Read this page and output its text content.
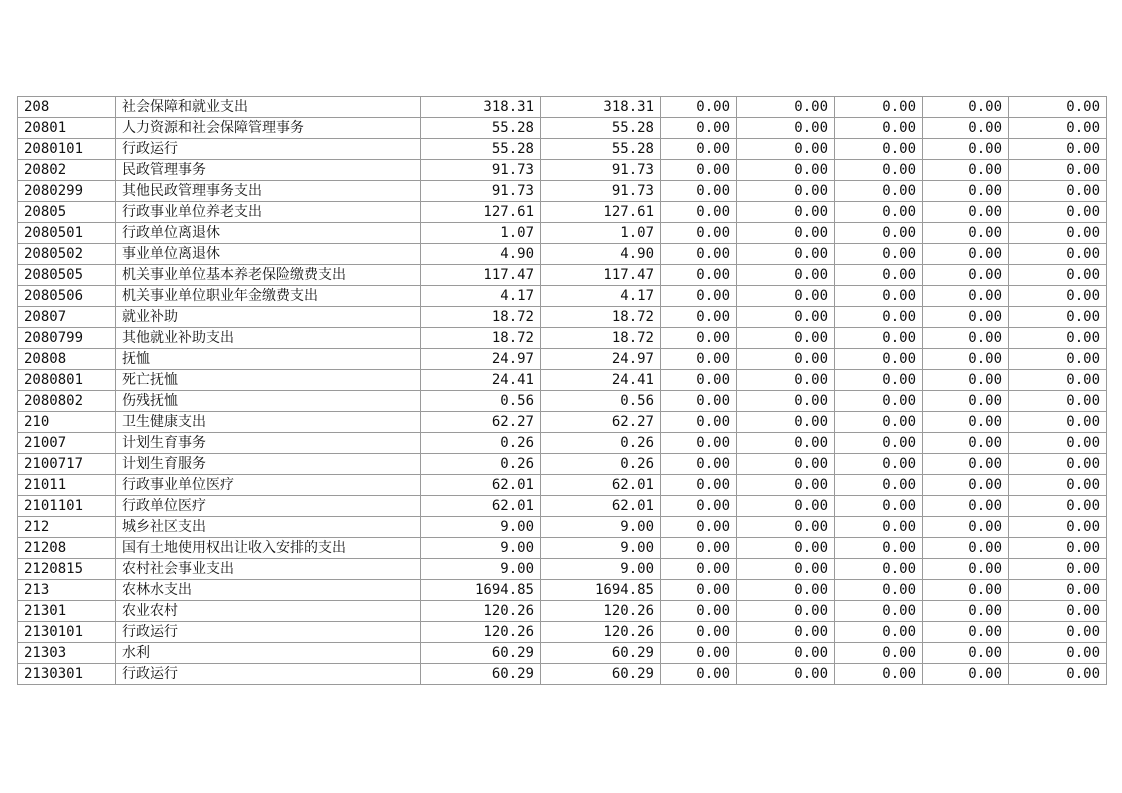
208	社会保障和就业支出	318.31	318.31	0.00	0.00	0.00	0.00	0.00
20801	人力资源和社会保障管理事务	55.28	55.28	0.00	0.00	0.00	0.00	0.00
2080101	行政运行	55.28	55.28	0.00	0.00	0.00	0.00	0.00
20802	民政管理事务	91.73	91.73	0.00	0.00	0.00	0.00	0.00
2080299	其他民政管理事务支出	91.73	91.73	0.00	0.00	0.00	0.00	0.00
20805	行政事业单位养老支出	127.61	127.61	0.00	0.00	0.00	0.00	0.00
2080501	行政单位离退休	1.07	1.07	0.00	0.00	0.00	0.00	0.00
2080502	事业单位离退休	4.90	4.90	0.00	0.00	0.00	0.00	0.00
2080505	机关事业单位基本养老保险缴费支出	117.47	117.47	0.00	0.00	0.00	0.00	0.00
2080506	机关事业单位职业年金缴费支出	4.17	4.17	0.00	0.00	0.00	0.00	0.00
20807	就业补助	18.72	18.72	0.00	0.00	0.00	0.00	0.00
2080799	其他就业补助支出	18.72	18.72	0.00	0.00	0.00	0.00	0.00
20808	抚恤	24.97	24.97	0.00	0.00	0.00	0.00	0.00
2080801	死亡抚恤	24.41	24.41	0.00	0.00	0.00	0.00	0.00
2080802	伤残抚恤	0.56	0.56	0.00	0.00	0.00	0.00	0.00
210	卫生健康支出	62.27	62.27	0.00	0.00	0.00	0.00	0.00
21007	计划生育事务	0.26	0.26	0.00	0.00	0.00	0.00	0.00
2100717	计划生育服务	0.26	0.26	0.00	0.00	0.00	0.00	0.00
21011	行政事业单位医疗	62.01	62.01	0.00	0.00	0.00	0.00	0.00
2101101	行政单位医疗	62.01	62.01	0.00	0.00	0.00	0.00	0.00
212	城乡社区支出	9.00	9.00	0.00	0.00	0.00	0.00	0.00
21208	国有土地使用权出让收入安排的支出	9.00	9.00	0.00	0.00	0.00	0.00	0.00
2120815	农村社会事业支出	9.00	9.00	0.00	0.00	0.00	0.00	0.00
213	农林水支出	1694.85	1694.85	0.00	0.00	0.00	0.00	0.00
21301	农业农村	120.26	120.26	0.00	0.00	0.00	0.00	0.00
2130101	行政运行	120.26	120.26	0.00	0.00	0.00	0.00	0.00
21303	水利	60.29	60.29	0.00	0.00	0.00	0.00	0.00
2130301	行政运行	60.29	60.29	0.00	0.00	0.00	0.00	0.00
